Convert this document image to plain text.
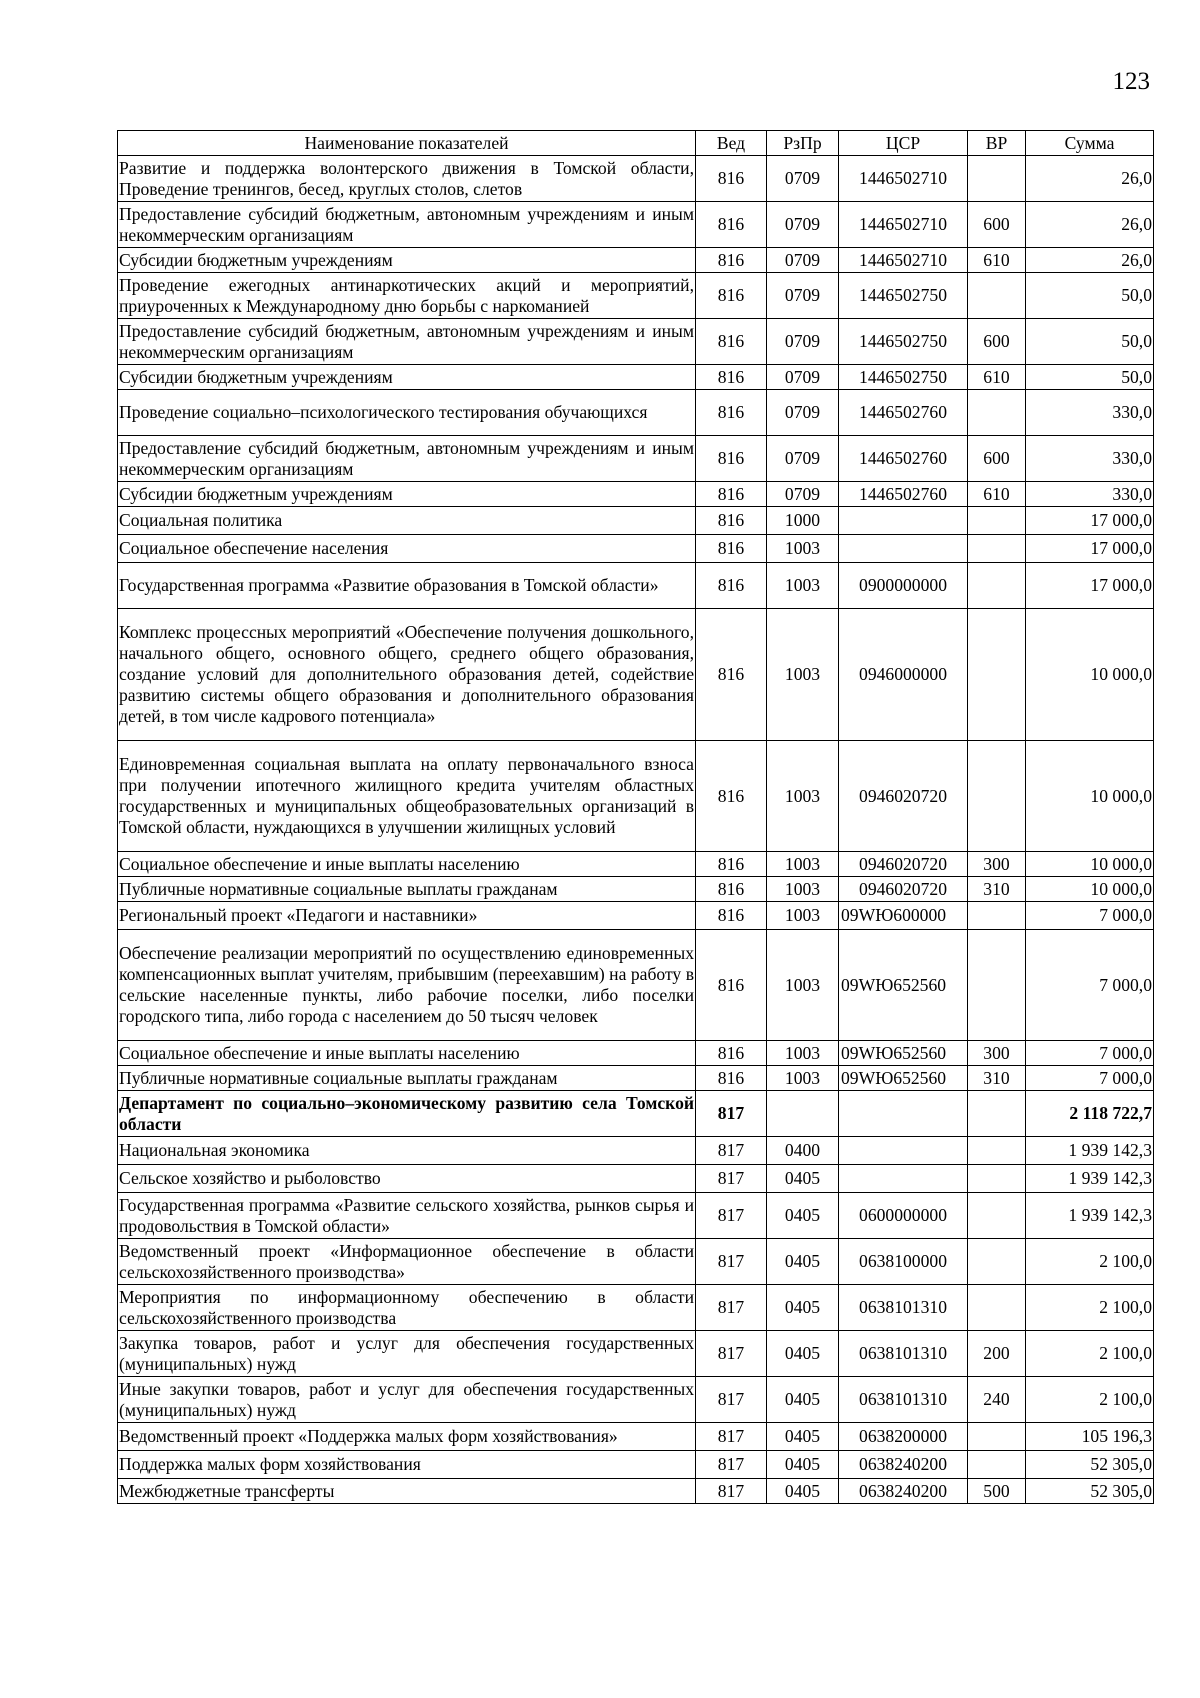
123
Наименование показателей	Вед	РзПр	ЦСР	ВР	Сумма
Развитие и поддержка волонтерского движения в Томской области, Проведение тренингов, бесед, круглых столов, слетов	816	0709	1446502710		26,0
Предоставление субсидий бюджетным, автономным учреждениям и иным некоммерческим организациям	816	0709	1446502710	600	26,0
Субсидии бюджетным учреждениям	816	0709	1446502710	610	26,0
Проведение ежегодных антинаркотических акций и мероприятий, приуроченных к Международному дню борьбы с наркоманией	816	0709	1446502750		50,0
Предоставление субсидий бюджетным, автономным учреждениям и иным некоммерческим организациям	816	0709	1446502750	600	50,0
Субсидии бюджетным учреждениям	816	0709	1446502750	610	50,0
Проведение социально–психологического тестирования обучающихся	816	0709	1446502760		330,0
Предоставление субсидий бюджетным, автономным учреждениям и иным некоммерческим организациям	816	0709	1446502760	600	330,0
Субсидии бюджетным учреждениям	816	0709	1446502760	610	330,0
Социальная политика	816	1000			17 000,0
Социальное обеспечение населения	816	1003			17 000,0
Государственная программа «Развитие образования в Томской области»	816	1003	0900000000		17 000,0
Комплекс процессных мероприятий «Обеспечение получения дошкольного, начального общего, основного общего, среднего общего образования, создание условий для дополнительного образования детей, содействие развитию системы общего образования и дополнительного образования детей, в том числе кадрового потенциала»	816	1003	0946000000		10 000,0
Единовременная социальная выплата на оплату первоначального взноса при получении ипотечного жилищного кредита учителям областных государственных и муниципальных общеобразовательных организаций в Томской области, нуждающихся в улучшении жилищных условий	816	1003	0946020720		10 000,0
Социальное обеспечение и иные выплаты населению	816	1003	0946020720	300	10 000,0
Публичные нормативные социальные выплаты гражданам	816	1003	0946020720	310	10 000,0
Региональный проект «Педагоги и наставники»	816	1003	09WЮ600000		7 000,0
Обеспечение реализации мероприятий по осуществлению единовременных компенсационных выплат учителям, прибывшим (переехавшим) на работу в сельские населенные пункты, либо рабочие поселки, либо поселки городского типа, либо города с населением до 50 тысяч человек	816	1003	09WЮ652560		7 000,0
Социальное обеспечение и иные выплаты населению	816	1003	09WЮ652560	300	7 000,0
Публичные нормативные социальные выплаты гражданам	816	1003	09WЮ652560	310	7 000,0
Департамент по социально–экономическому развитию села Томской области	817				2 118 722,7
Национальная экономика	817	0400			1 939 142,3
Сельское хозяйство и рыболовство	817	0405			1 939 142,3
Государственная программа «Развитие сельского хозяйства, рынков сырья и продовольствия в Томской области»	817	0405	0600000000		1 939 142,3
Ведомственный проект «Информационное обеспечение в области сельскохозяйственного производства»	817	0405	0638100000		2 100,0
Мероприятия по информационному обеспечению в области сельскохозяйственного производства	817	0405	0638101310		2 100,0
Закупка товаров, работ и услуг для обеспечения государственных (муниципальных) нужд	817	0405	0638101310	200	2 100,0
Иные закупки товаров, работ и услуг для обеспечения государственных (муниципальных) нужд	817	0405	0638101310	240	2 100,0
Ведомственный проект «Поддержка малых форм хозяйствования»	817	0405	0638200000		105 196,3
Поддержка малых форм хозяйствования	817	0405	0638240200		52 305,0
Межбюджетные трансферты	817	0405	0638240200	500	52 305,0
